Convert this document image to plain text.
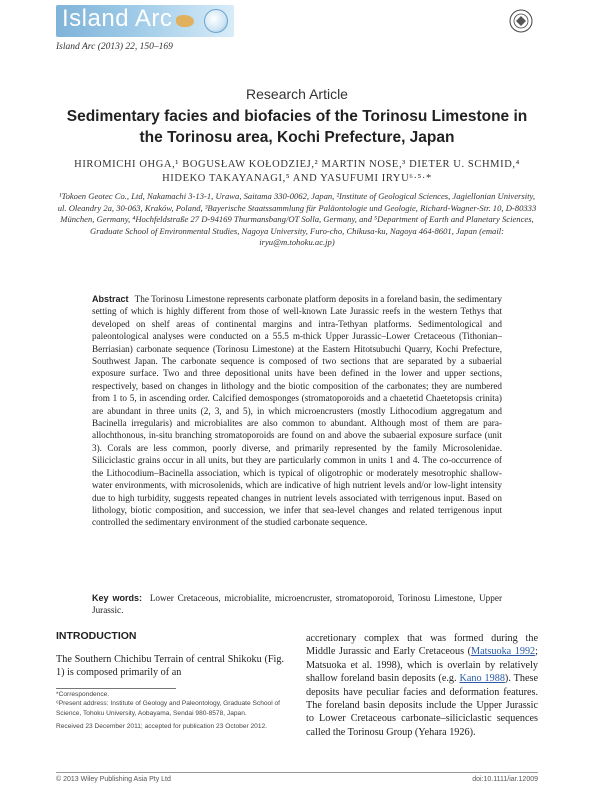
Island Arc
Island Arc (2013) 22, 150–169
Research Article
Sedimentary facies and biofacies of the Torinosu Limestone in the Torinosu area, Kochi Prefecture, Japan
HIROMICHI OHGA,¹ BOGUSŁAW KOŁODZIEJ,² MARTIN NOSE,³ DIETER U. SCHMID,⁴
HIDEKO TAKAYANAGI,⁵ AND YASUFUMI IRYU⁶·⁵·*
¹Tokoen Geotec Co., Ltd, Nakamachi 3-13-1, Urawa, Saitama 330-0062, Japan, ²Institute of Geological Sciences, Jagiellonian University, ul. Oleandry 2a, 30-063, Kraków, Poland, ³Bayerische Staatssammlung für Paläontologie und Geologie, Richard-Wagner-Str. 10, D-80333 München, Germany, ⁴Hochfeldstraße 27 D-94169 Thurmansbang/OT Solla, Germany, and ⁵Department of Earth and Planetary Sciences, Graduate School of Environmental Studies, Nagoya University, Furo-cho, Chikusa-ku, Nagoya 464-8601, Japan (email: iryu@m.tohoku.ac.jp)
Abstract The Torinosu Limestone represents carbonate platform deposits in a foreland basin, the sedimentary setting of which is highly different from those of well-known Late Jurassic reefs in the western Tethys that developed on shelf areas of continental margins and intra-Tethyan platforms. Sedimentological and paleontological analyses were conducted on a 55.5 m-thick Upper Jurassic–Lower Cretaceous (Tithonian–Berriasian) carbonate sequence (Torinosu Limestone) at the Eastern Hitotsubuchi Quarry, Kochi Prefecture, Southwest Japan. The carbonate sequence is composed of two sections that are separated by a subaerial exposure surface. Two and three depositional units have been defined in the lower and upper sections, respectively, based on changes in lithology and the biotic composition of the carbonates; they are numbered from 1 to 5, in ascending order. Calcified demosponges (stromatoporoids and a chaetetid Chaetetopsis crinita) are abundant in three units (2, 3, and 5), in which microencrusters (mostly Lithocodium aggregatum and Bacinella irregularis) and microbialites are also common to abundant. Although most of them are para-allochthonous, in-situ branching stromatoporoids are found on and above the subaerial exposure surface (unit 3). Corals are less common, poorly diverse, and primarily represented by the family Microsolenidae. Siliciclastic grains occur in all units, but they are particularly common in units 1 and 4. The co-occurrence of the Lithocodium–Bacinella association, which is typical of oligotrophic or moderately mesotrophic shallow-water environments, with microsolenids, which are indicative of high nutrient levels and/or low-light intensity due to high turbidity, suggests repeated changes in nutrient levels associated with terrigenous input. Based on lithology, biotic composition, and succession, we infer that sea-level changes and related terrigenous input controlled the sedimentary environment of the studied carbonate sequence.
Key words: Lower Cretaceous, microbialite, microencruster, stromatoporoid, Torinosu Limestone, Upper Jurassic.
INTRODUCTION
The Southern Chichibu Terrain of central Shikoku (Fig. 1) is composed primarily of an
accretionary complex that was formed during the Middle Jurassic and Early Cretaceous (Matsuoka 1992; Matsuoka et al. 1998), which is overlain by relatively shallow foreland basin deposits (e.g. Kano 1988). These deposits have peculiar facies and deformation features. The foreland basin deposits include the Upper Jurassic to Lower Cretaceous carbonate–siliciclastic sequences called the Torinosu Group (Yehara 1926).

*Correspondence.

⁶Present address: Institute of Geology and Paleontology, Graduate School of Science, Tohoku University, Aobayama, Sendai 980-8578, Japan.

Received 23 December 2011; accepted for publication 23 October 2012.

© 2013 Wiley Publishing Asia Pty Ltd	doi:10.1111/iar.12009
